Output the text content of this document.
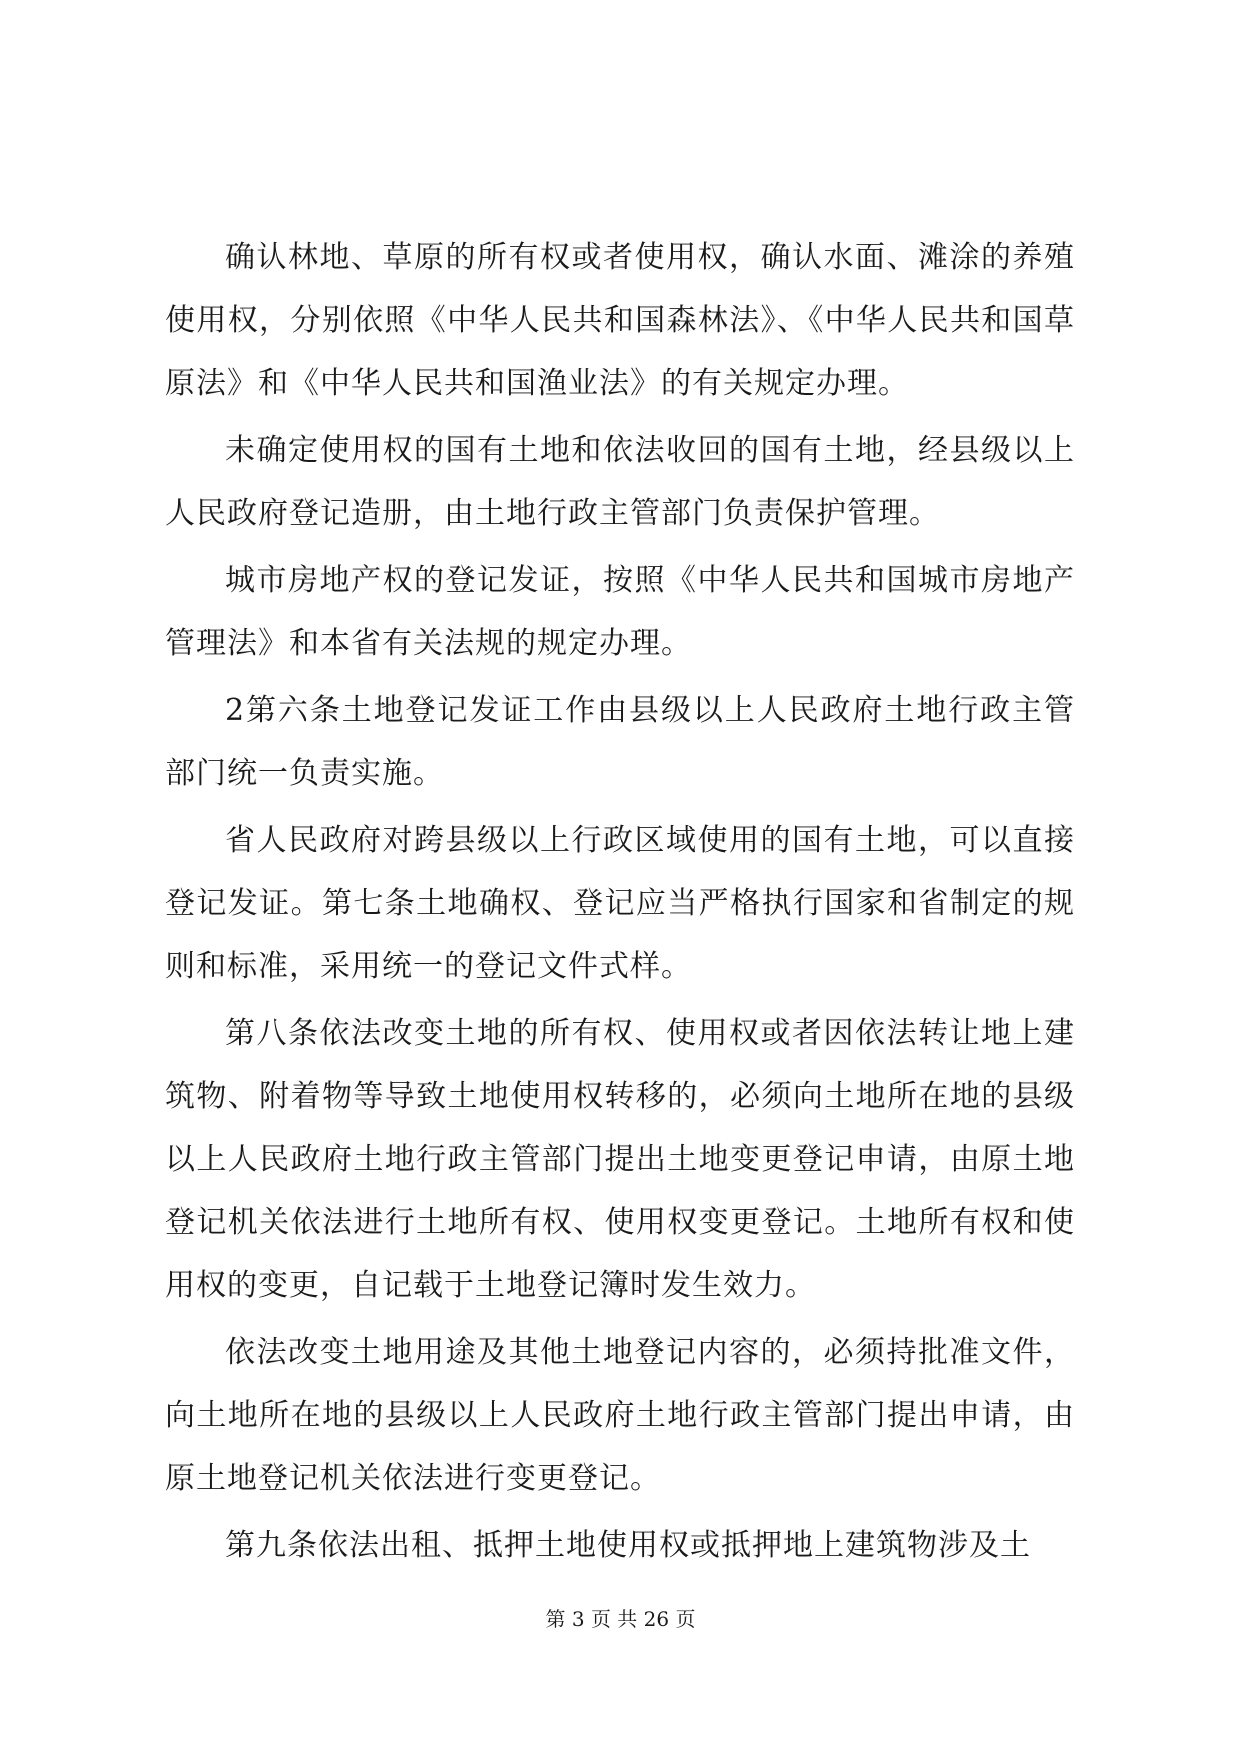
确认林地、草原的所有权或者使用权，确认水面、滩涂的养殖使用权，分别依照《中华人民共和国森林法》、《中华人民共和国草原法》和《中华人民共和国渔业法》的有关规定办理。

未确定使用权的国有土地和依法收回的国有土地，经县级以上人民政府登记造册，由土地行政主管部门负责保护管理。

城市房地产权的登记发证，按照《中华人民共和国城市房地产管理法》和本省有关法规的规定办理。

2第六条土地登记发证工作由县级以上人民政府土地行政主管部门统一负责实施。

省人民政府对跨县级以上行政区域使用的国有土地，可以直接登记发证。第七条土地确权、登记应当严格执行国家和省制定的规则和标准，采用统一的登记文件式样。

第八条依法改变土地的所有权、使用权或者因依法转让地上建筑物、附着物等导致土地使用权转移的，必须向土地所在地的县级以上人民政府土地行政主管部门提出土地变更登记申请，由原土地登记机关依法进行土地所有权、使用权变更登记。土地所有权和使用权的变更，自记载于土地登记簿时发生效力。

依法改变土地用途及其他土地登记内容的，必须持批准文件，向土地所在地的县级以上人民政府土地行政主管部门提出申请，由原土地登记机关依法进行变更登记。

第九条依法出租、抵押土地使用权或抵押地上建筑物涉及土

第 3 页 共 26 页
